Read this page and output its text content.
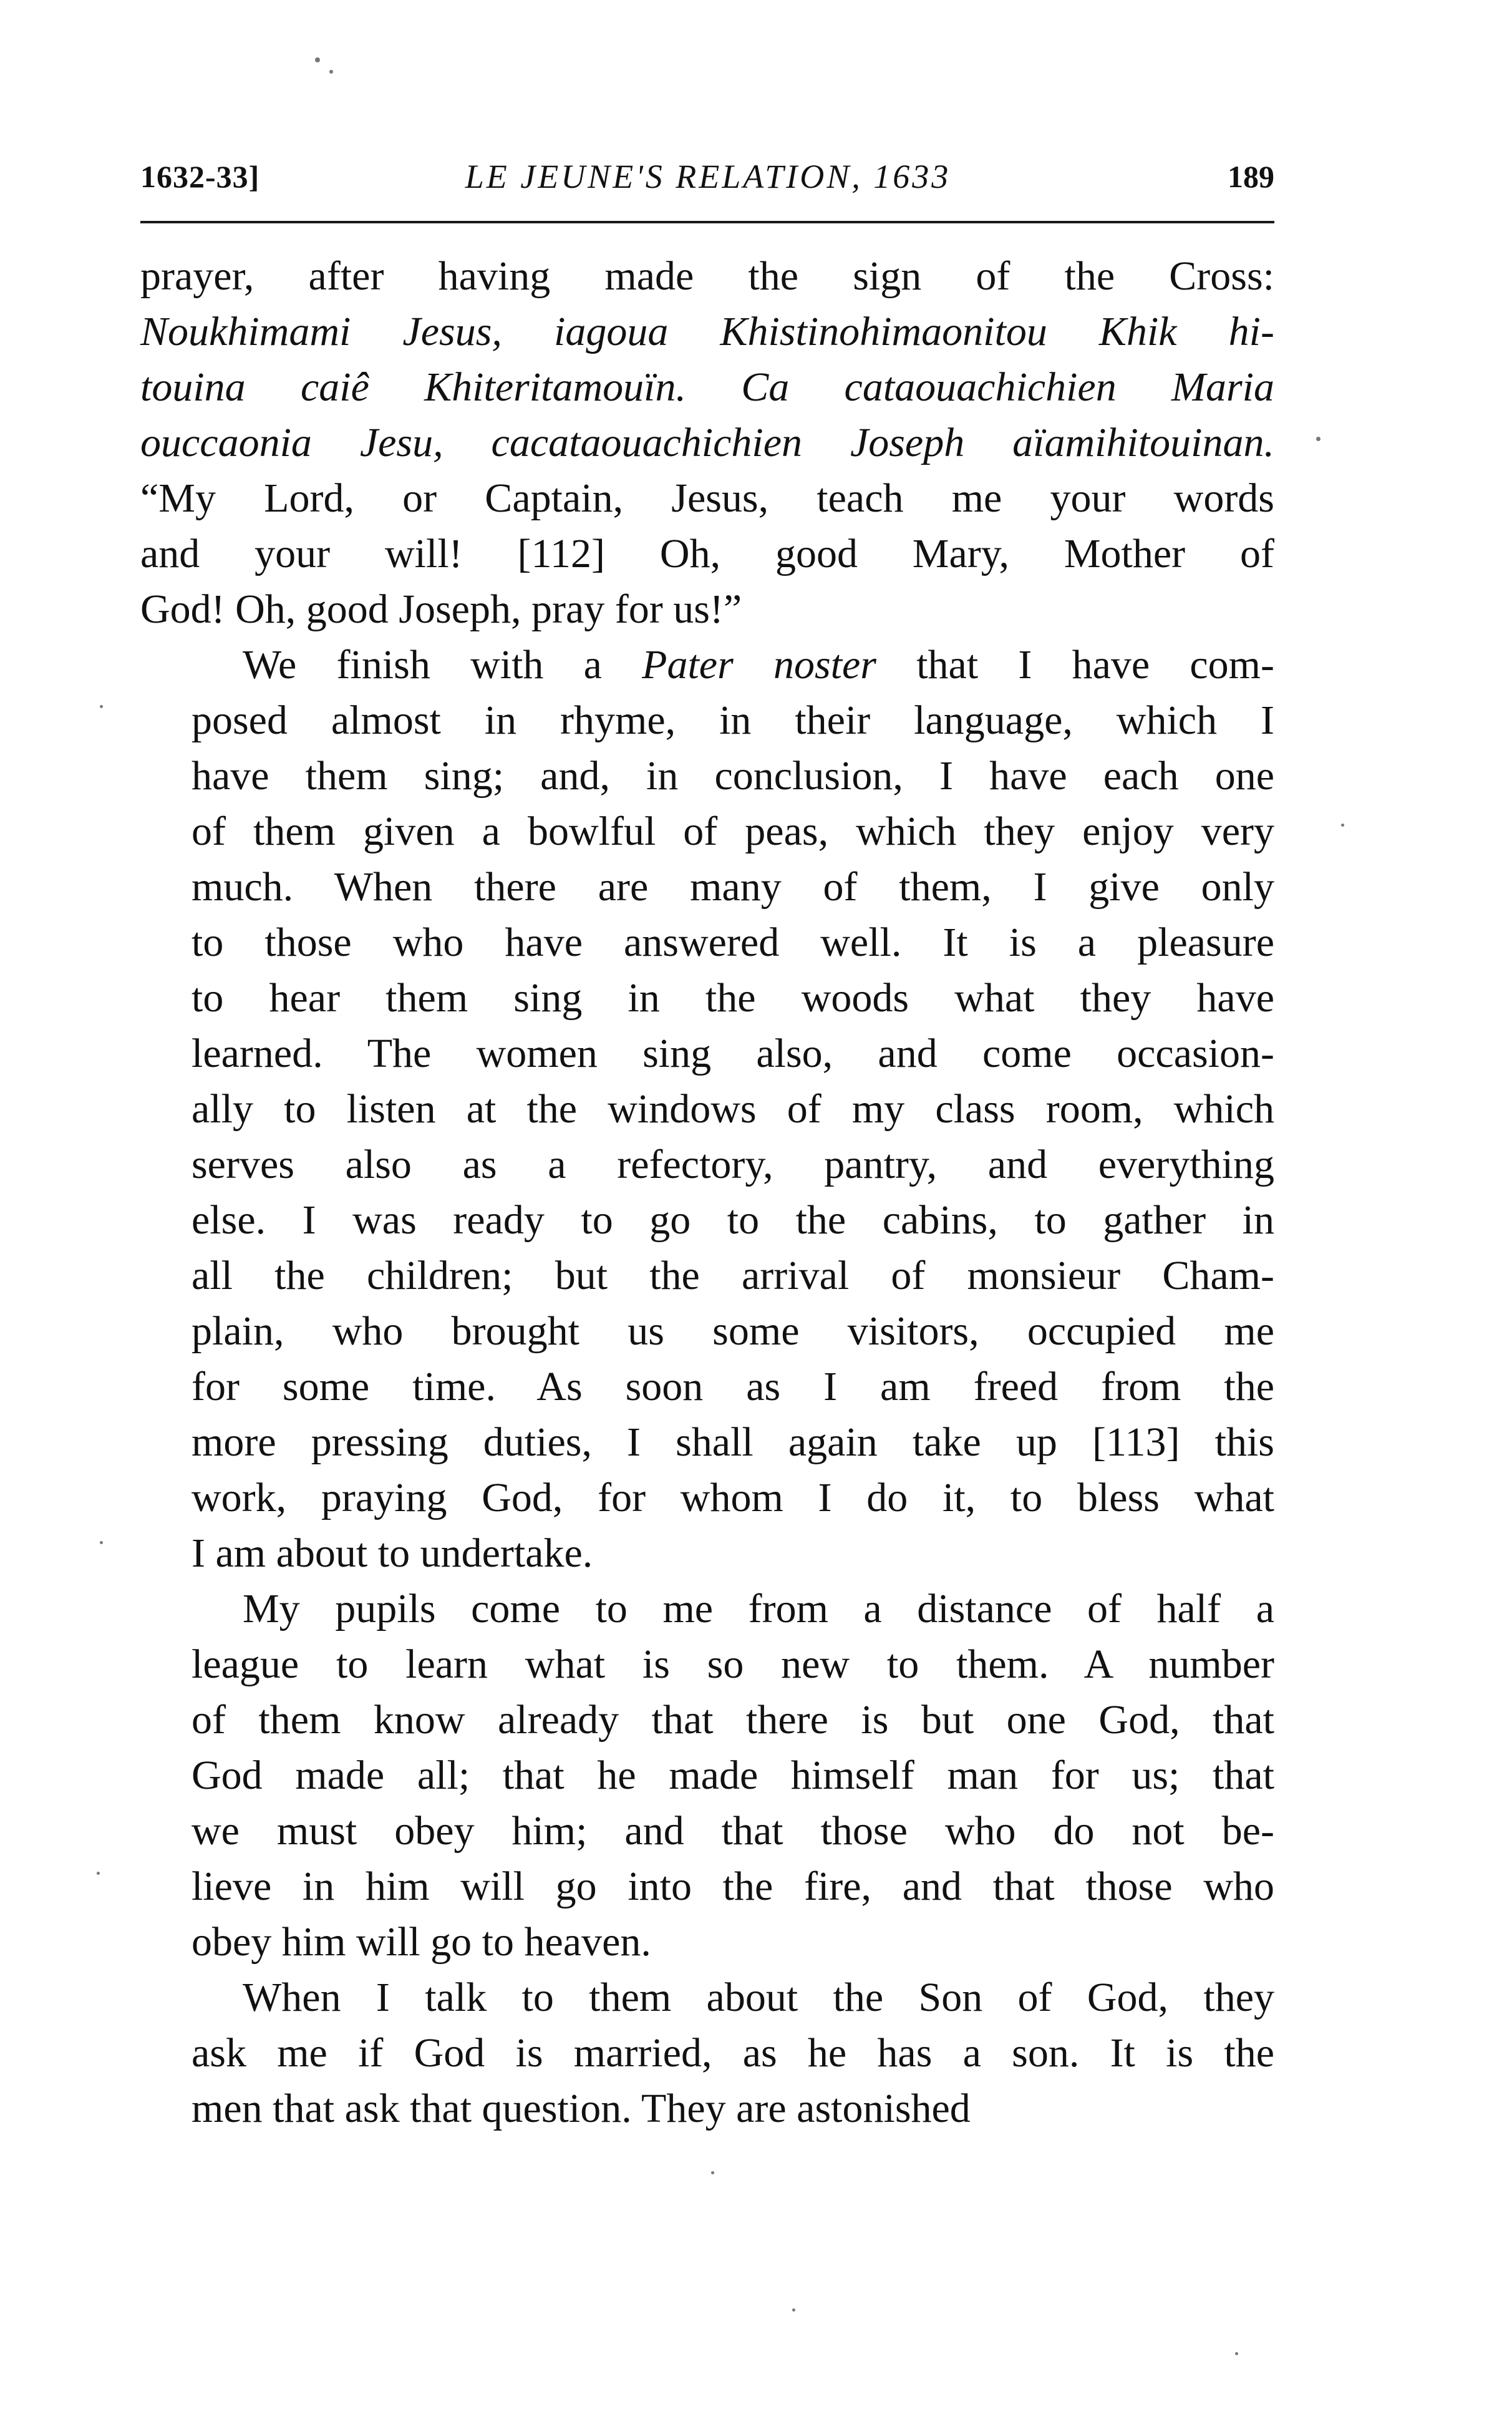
1632-33]	LE JEUNE'S RELATION, 1633	189
prayer, after having made the sign of the Cross:
Noukhimami Jesus, iagoua Khistinohimaonitou Khik hi-
touina caiê Khiteritamouïn. Ca cataouachichien Maria
ouccaonia Jesu, cacataouachichien Joseph aïamihitouinan.
“My Lord, or Captain, Jesus, teach me your words
and your will! [112] Oh, good Mary, Mother of
God! Oh, good Joseph, pray for us!”
We finish with a Pater noster that I have com-
posed almost in rhyme, in their language, which I
have them sing; and, in conclusion, I have each one
of them given a bowlful of peas, which they enjoy very
much. When there are many of them, I give only
to those who have answered well. It is a pleasure
to hear them sing in the woods what they have
learned. The women sing also, and come occasion-
ally to listen at the windows of my class room, which
serves also as a refectory, pantry, and everything
else. I was ready to go to the cabins, to gather in
all the children; but the arrival of monsieur Cham-
plain, who brought us some visitors, occupied me
for some time. As soon as I am freed from the
more pressing duties, I shall again take up [113] this
work, praying God, for whom I do it, to bless what
I am about to undertake.
My pupils come to me from a distance of half a
league to learn what is so new to them. A number
of them know already that there is but one God, that
God made all; that he made himself man for us; that
we must obey him; and that those who do not be-
lieve in him will go into the fire, and that those who
obey him will go to heaven.
When I talk to them about the Son of God, they
ask me if God is married, as he has a son. It is the
men that ask that question. They are astonished
